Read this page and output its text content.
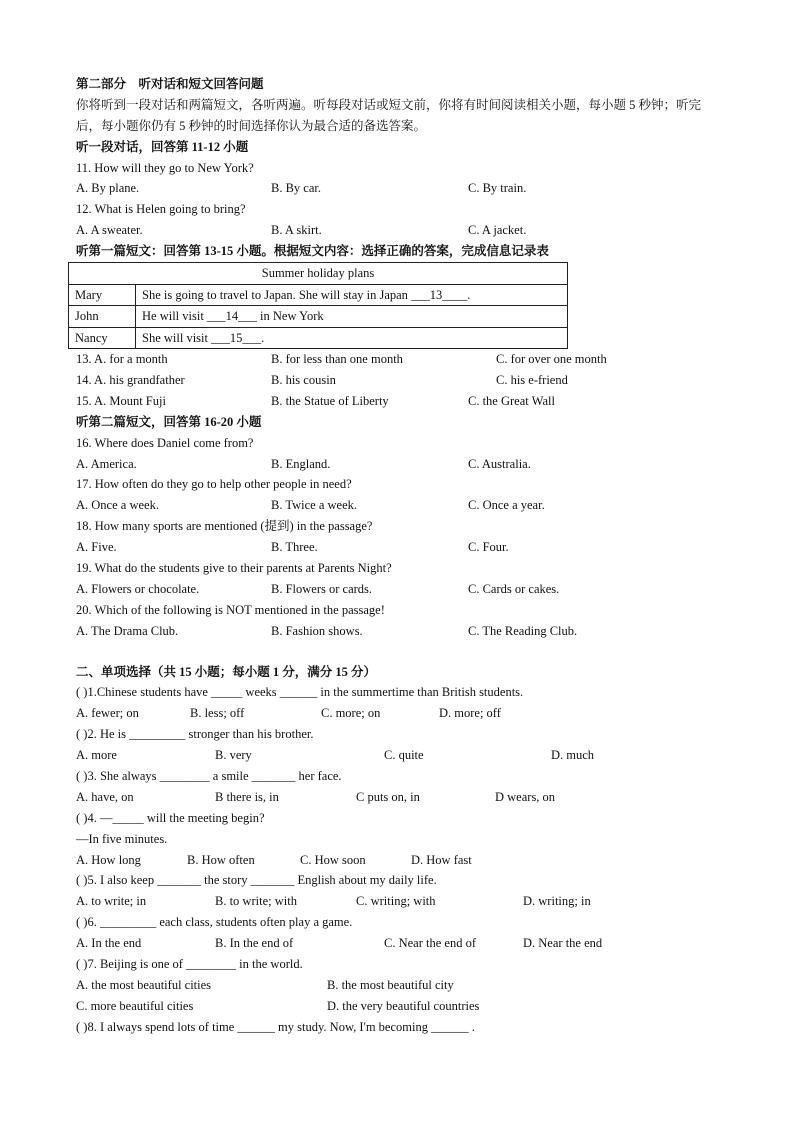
第二部分　听对话和短文回答问题
你将听到一段对话和两篇短文，各听两遍。听每段对话或短文前，你将有时间阅读相关小题，每小题 5 秒钟；听完后，每小题你仍有 5 秒钟的时间选择你认为最合适的备选答案。
听一段对话，回答第 11-12 小题
11. How will they go to New York?
A. By plane.	B. By car.	C. By train.
12. What is Helen going to bring?
A. A sweater.	B. A skirt.	C. A jacket.
听第一篇短文：回答第 13-15 小题。根据短文内容：选择正确的答案，完成信息记录表
Summer holiday plans	
Mary	She is going to travel to Japan. She will stay in Japan ___13____.
John	He will visit ___14___ in New York
Nancy	She will visit ___15___.
13. A. for a month	B. for less than one month	C. for over one month
14. A. his grandfather	B. his cousin	C. his e-friend
15. A. Mount Fuji	B. the Statue of Liberty	C. the Great Wall
听第二篇短文，回答第 16-20 小题
16. Where does Daniel come from?
A. America.	B. England.	C. Australia.
17. How often do they go to help other people in need?
A. Once a week.	B. Twice a week.	C. Once a year.
18. How many sports are mentioned (提到) in the passage?
A. Five.	B. Three.	C. Four.
19. What do the students give to their parents at Parents Night?
A. Flowers or chocolate.	B. Flowers or cards.	C. Cards or cakes.
20. Which of the following is NOT mentioned in the passage!
A. The Drama Club.	B. Fashion shows.	C. The Reading Club.
二、单项选择（共 15 小题；每小题 1 分，满分 15 分）
( )1.Chinese students have _____ weeks ______ in the summertime than British students.
A. fewer; on	B. less; off	C. more; on	D. more; off
( )2. He is _________ stronger than his brother.
A. more	B. very	C. quite	D. much
( )3. She always ________ a smile _______ her face.
A. have, on	B there is, in	C puts on, in	D wears, on
( )4. —_____ will the meeting begin?
—In five minutes.
A. How long	B. How often	C. How soon	D. How fast
( )5. I also keep _______ the story _______ English about my daily life.
A. to write; in	B. to write; with	C. writing; with	D. writing; in
( )6. _________ each class, students often play a game.
A. In the end	B. In the end of	C. Near the end of	D. Near the end
( )7. Beijing is one of ________ in the world.
A. the most beautiful cities	B. the most beautiful city
C. more beautiful cities	D. the very beautiful countries
( )8. I always spend lots of time ______ my study. Now, I'm becoming ______ .
